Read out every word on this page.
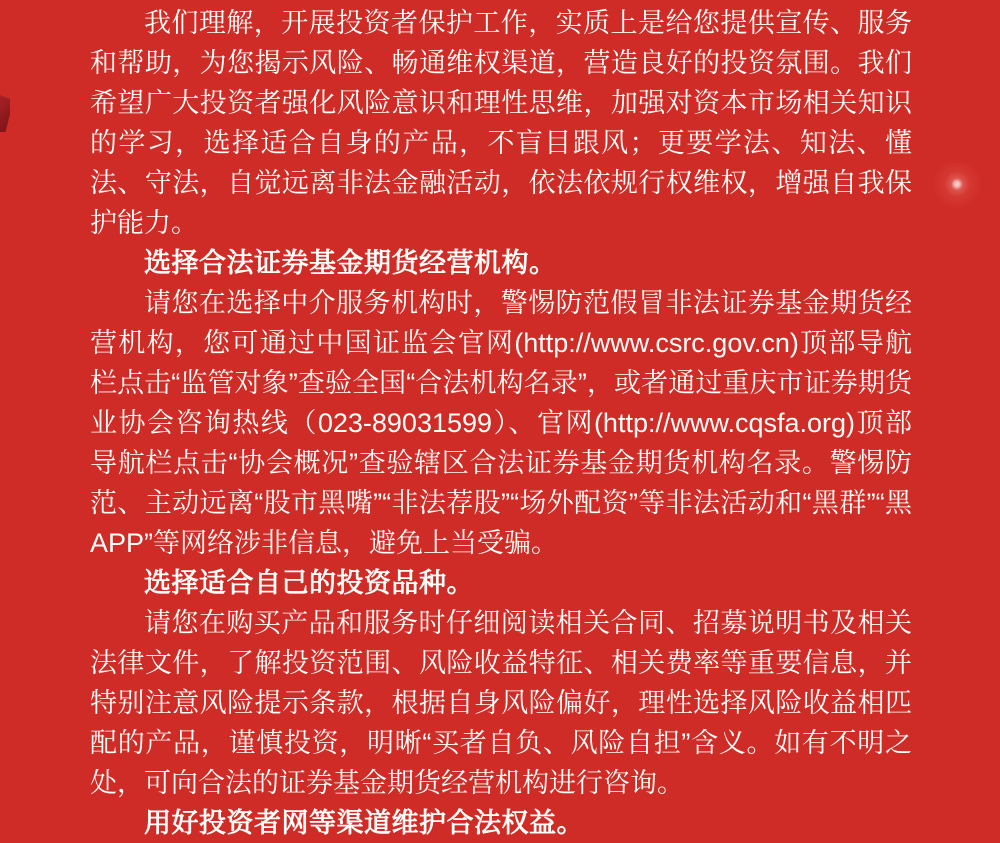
我们理解，开展投资者保护工作，实质上是给您提供宣传、服务和帮助，为您揭示风险、畅通维权渠道，营造良好的投资氛围。我们希望广大投资者强化风险意识和理性思维，加强对资本市场相关知识的学习，选择适合自身的产品，不盲目跟风；更要学法、知法、懂法、守法，自觉远离非法金融活动，依法依规行权维权，增强自我保护能力。

选择合法证券基金期货经营机构。

请您在选择中介服务机构时，警惕防范假冒非法证券基金期货经营机构，您可通过中国证监会官网(http://www.csrc.gov.cn)顶部导航栏点击“监管对象”查验全国“合法机构名录”，或者通过重庆市证券期货业协会咨询热线（023-89031599）、官网(http://www.cqsfa.org)顶部导航栏点击“协会概况”查验辖区合法证券基金期货机构名录。警惕防范、主动远离“股市黑嘴”“非法荐股”“场外配资”等非法活动和“黑群”“黑APP”等网络涉非信息，避免上当受骗。

选择适合自己的投资品种。

请您在购买产品和服务时仔细阅读相关合同、招募说明书及相关法律文件，了解投资范围、风险收益特征、相关费率等重要信息，并特别注意风险提示条款，根据自身风险偏好，理性选择风险收益相匹配的产品，谨慎投资，明晰“买者自负、风险自担”含义。如有不明之处，可向合法的证券基金期货经营机构进行咨询。

用好投资者网等渠道维护合法权益。
